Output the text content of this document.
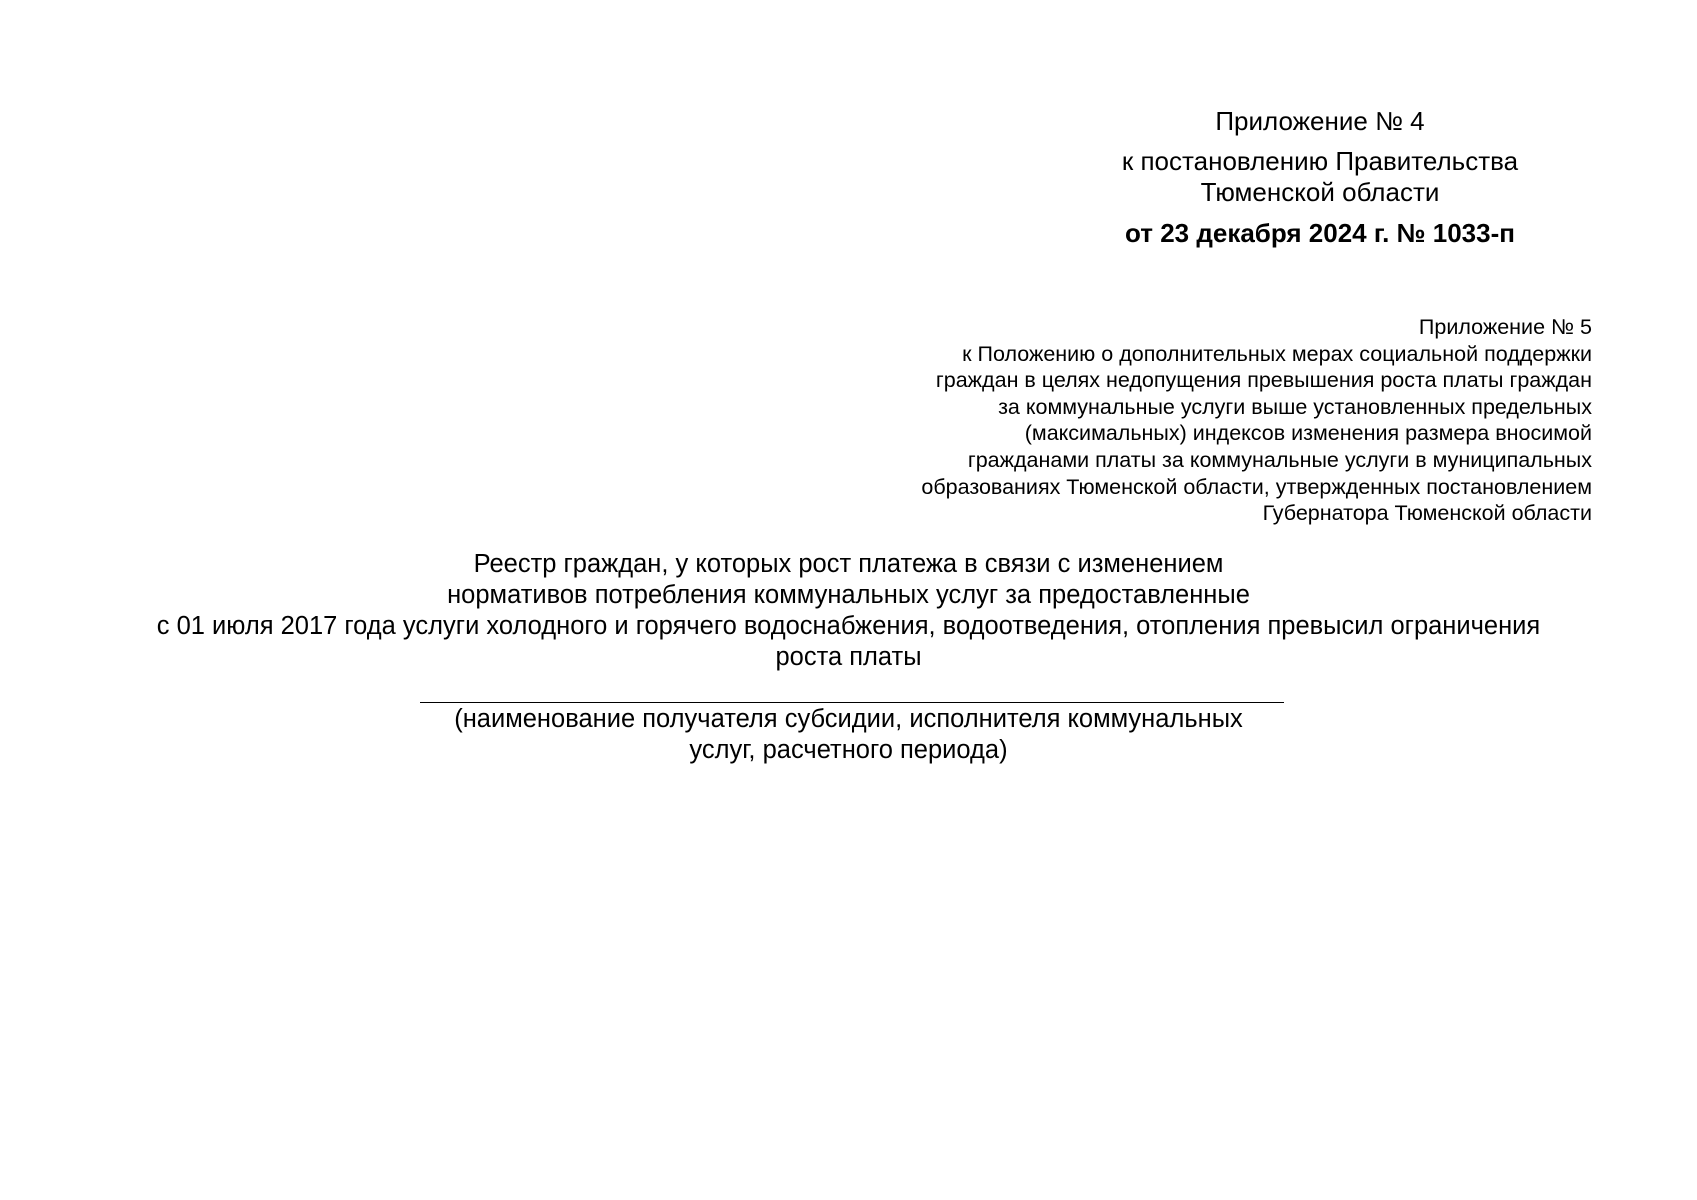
Приложение № 4
к постановлению Правительства
Тюменской области
от 23 декабря 2024 г. № 1033-п
Приложение № 5
к Положению о дополнительных мерах социальной поддержки
граждан в целях недопущения превышения роста платы граждан
за коммунальные услуги выше установленных предельных
(максимальных) индексов изменения размера вносимой
гражданами платы за коммунальные услуги в муниципальных
образованиях Тюменской области, утвержденных постановлением
Губернатора Тюменской области
Реестр граждан, у которых рост платежа в связи с изменением
нормативов потребления коммунальных услуг за предоставленные
с 01 июля 2017 года услуги холодного и горячего водоснабжения, водоотведения, отопления превысил ограничения
роста платы
(наименование получателя субсидии, исполнителя коммунальных
услуг, расчетного периода)
